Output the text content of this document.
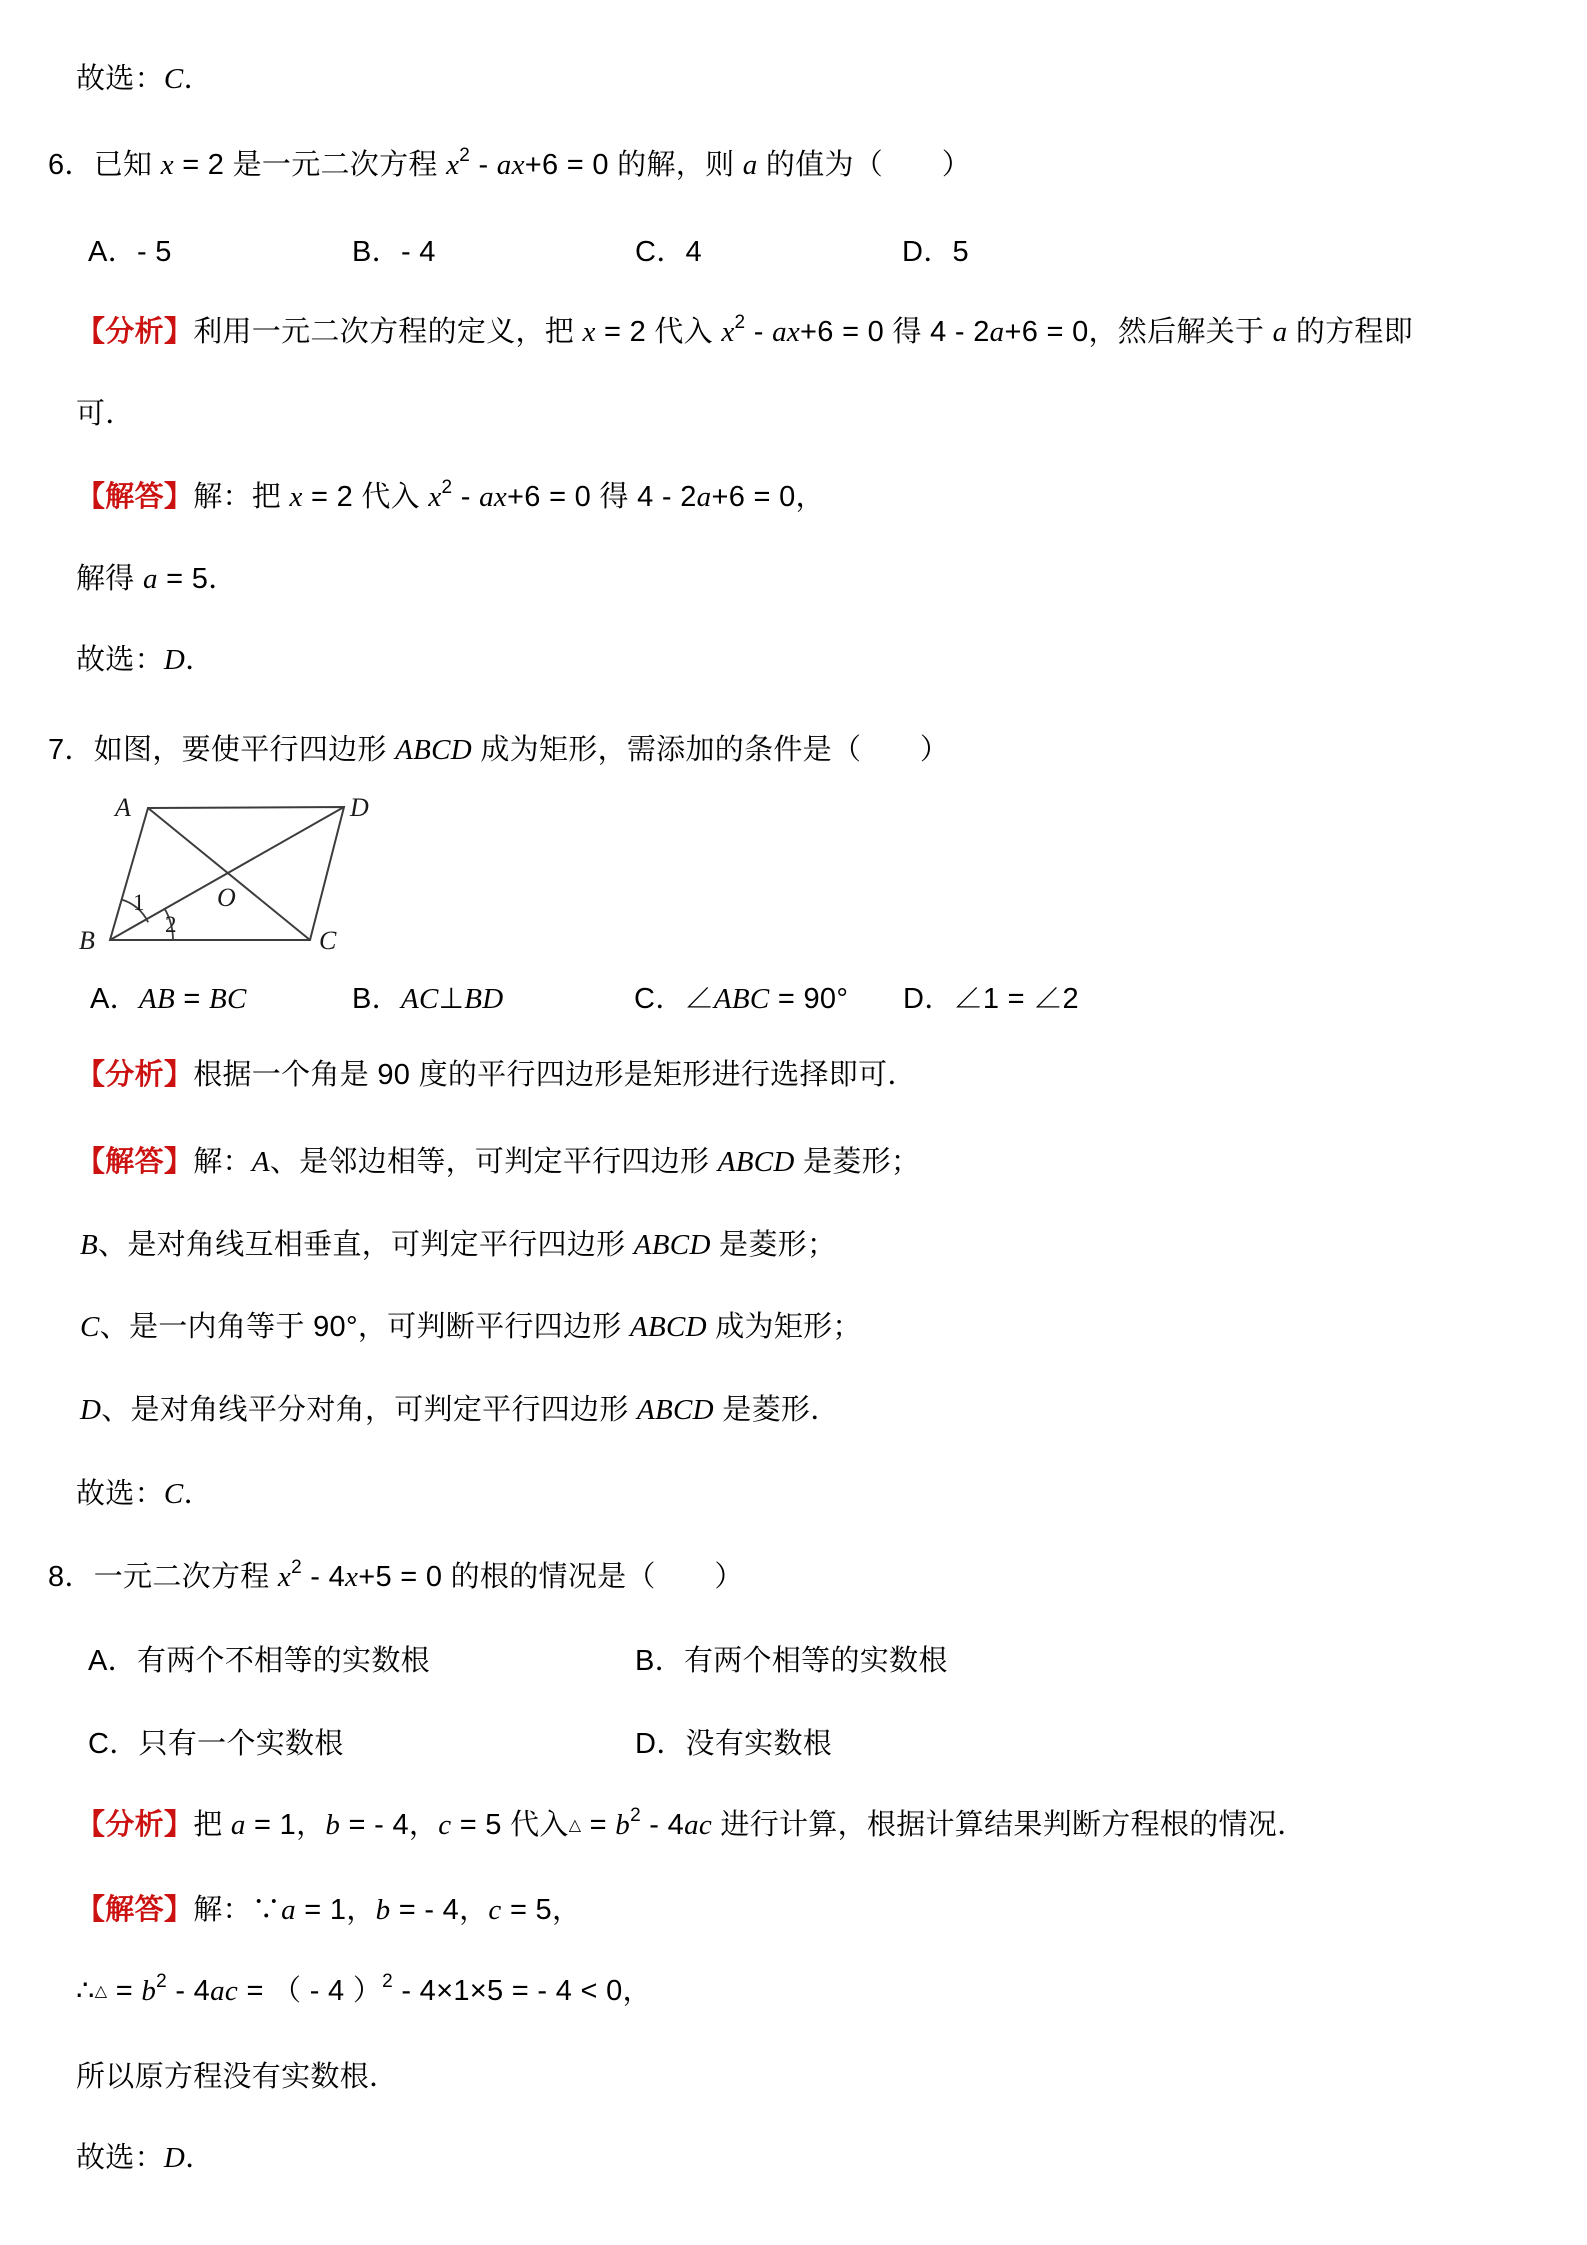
故选：C．
6．已知 x = 2 是一元二次方程 $x^2 - ax+6 = 0$ 的解，则 a 的值为（　　）
A．- 5	B．- 4	C．4	D．5
【分析】利用一元二次方程的定义，把 x = 2 代入 $x^2 - ax+6 = 0$ 得 4 - 2a+6 = 0，然后解关于 a 的方程即
可．
【解答】解：把 x = 2 代入 $x^2 - ax+6 = 0$ 得 4 - 2a+6 = 0，
解得 a = 5．
故选：D．
7．如图，要使平行四边形 ABCD 成为矩形，需添加的条件是（　　）
A	D
B	C
O
1
2
A．AB = BC	B．AC⊥BD	C．∠ABC = 90° D．∠1 = ∠2
【分析】根据一个角是 90 度的平行四边形是矩形进行选择即可．
【解答】解：A、是邻边相等，可判定平行四边形 ABCD 是菱形；
B、是对角线互相垂直，可判定平行四边形 ABCD 是菱形；
C、是一内角等于 90°，可判断平行四边形 ABCD 成为矩形；
D、是对角线平分对角，可判定平行四边形 ABCD 是菱形．
故选：C．
8．一元二次方程 $x^2 - 4x+5 = 0$ 的根的情况是（　　）
A．有两个不相等的实数根	B．有两个相等的实数根
C．只有一个实数根	D．没有实数根
【分析】把 a = 1，b = - 4，c = 5 代入△ = $b^2 - 4ac$ 进行计算，根据计算结果判断方程根的情况．
【解答】解：∵a = 1，b = - 4，c = 5，
∴△ = $b^2 - 4ac$ = （ - 4 ）$^2$ - 4×1×5 = - 4 < 0，
所以原方程没有实数根．
故选：D．
